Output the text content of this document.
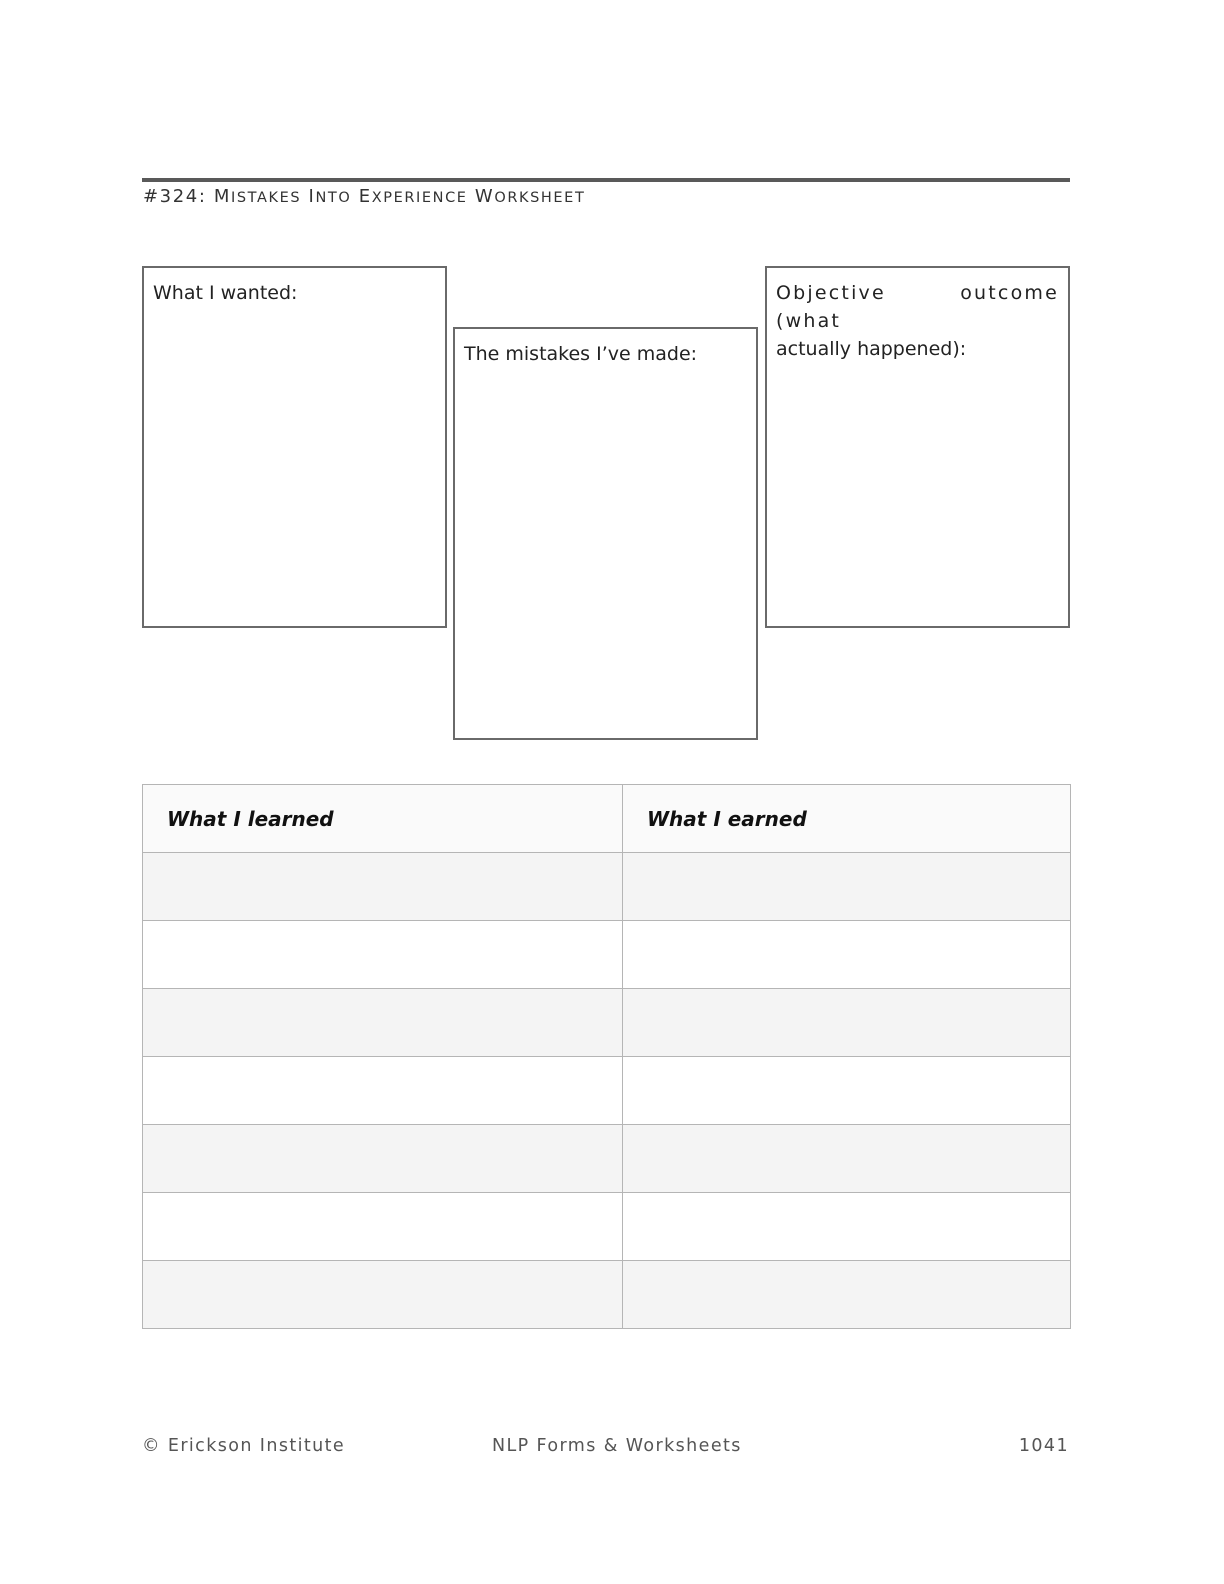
#324: MISTAKES INTO EXPERIENCE WORKSHEET
What I wanted:
The mistakes I’ve made:
Objective outcome (what
actually happened):
What I learned	What I earned

© Erickson Institute	NLP Forms & Worksheets	1041
